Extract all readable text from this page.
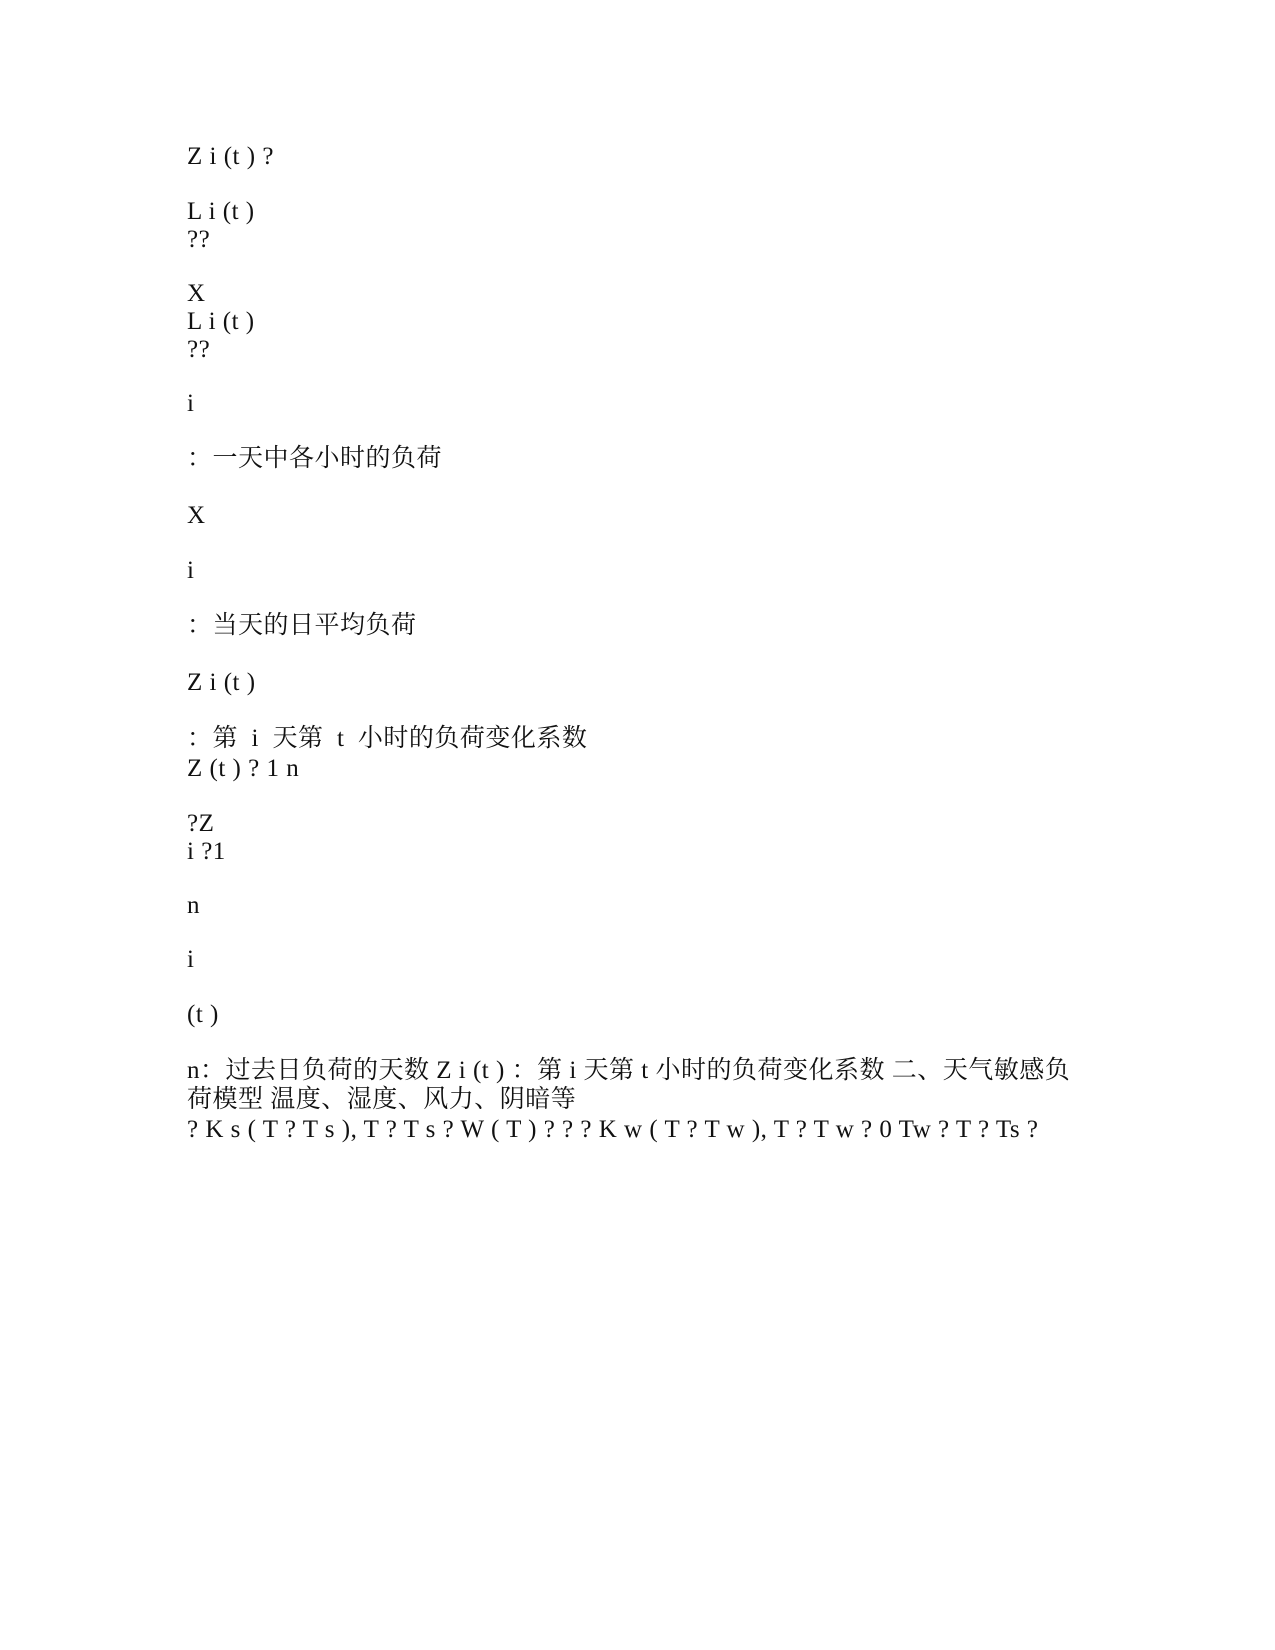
Z i (t ) ?
L i (t )
??
X
L i (t )
??
i
：一天中各小时的负荷
X
i
：当天的日平均负荷
Z i (t )
：第  i  天第  t  小时的负荷变化系数
Z (t ) ? 1 n
?Z
i ?1
n
i
(t )
n：过去日负荷的天数 Z i (t ) ：第 i 天第 t 小时的负荷变化系数 二、天气敏感负荷模型 温度、湿度、风力、阴暗等
? K s ( T ? T s ), T ? T s ? W ( T ) ? ? ? K w ( T ? T w ), T ? T w ? 0 Tw ? T ? Ts ?
